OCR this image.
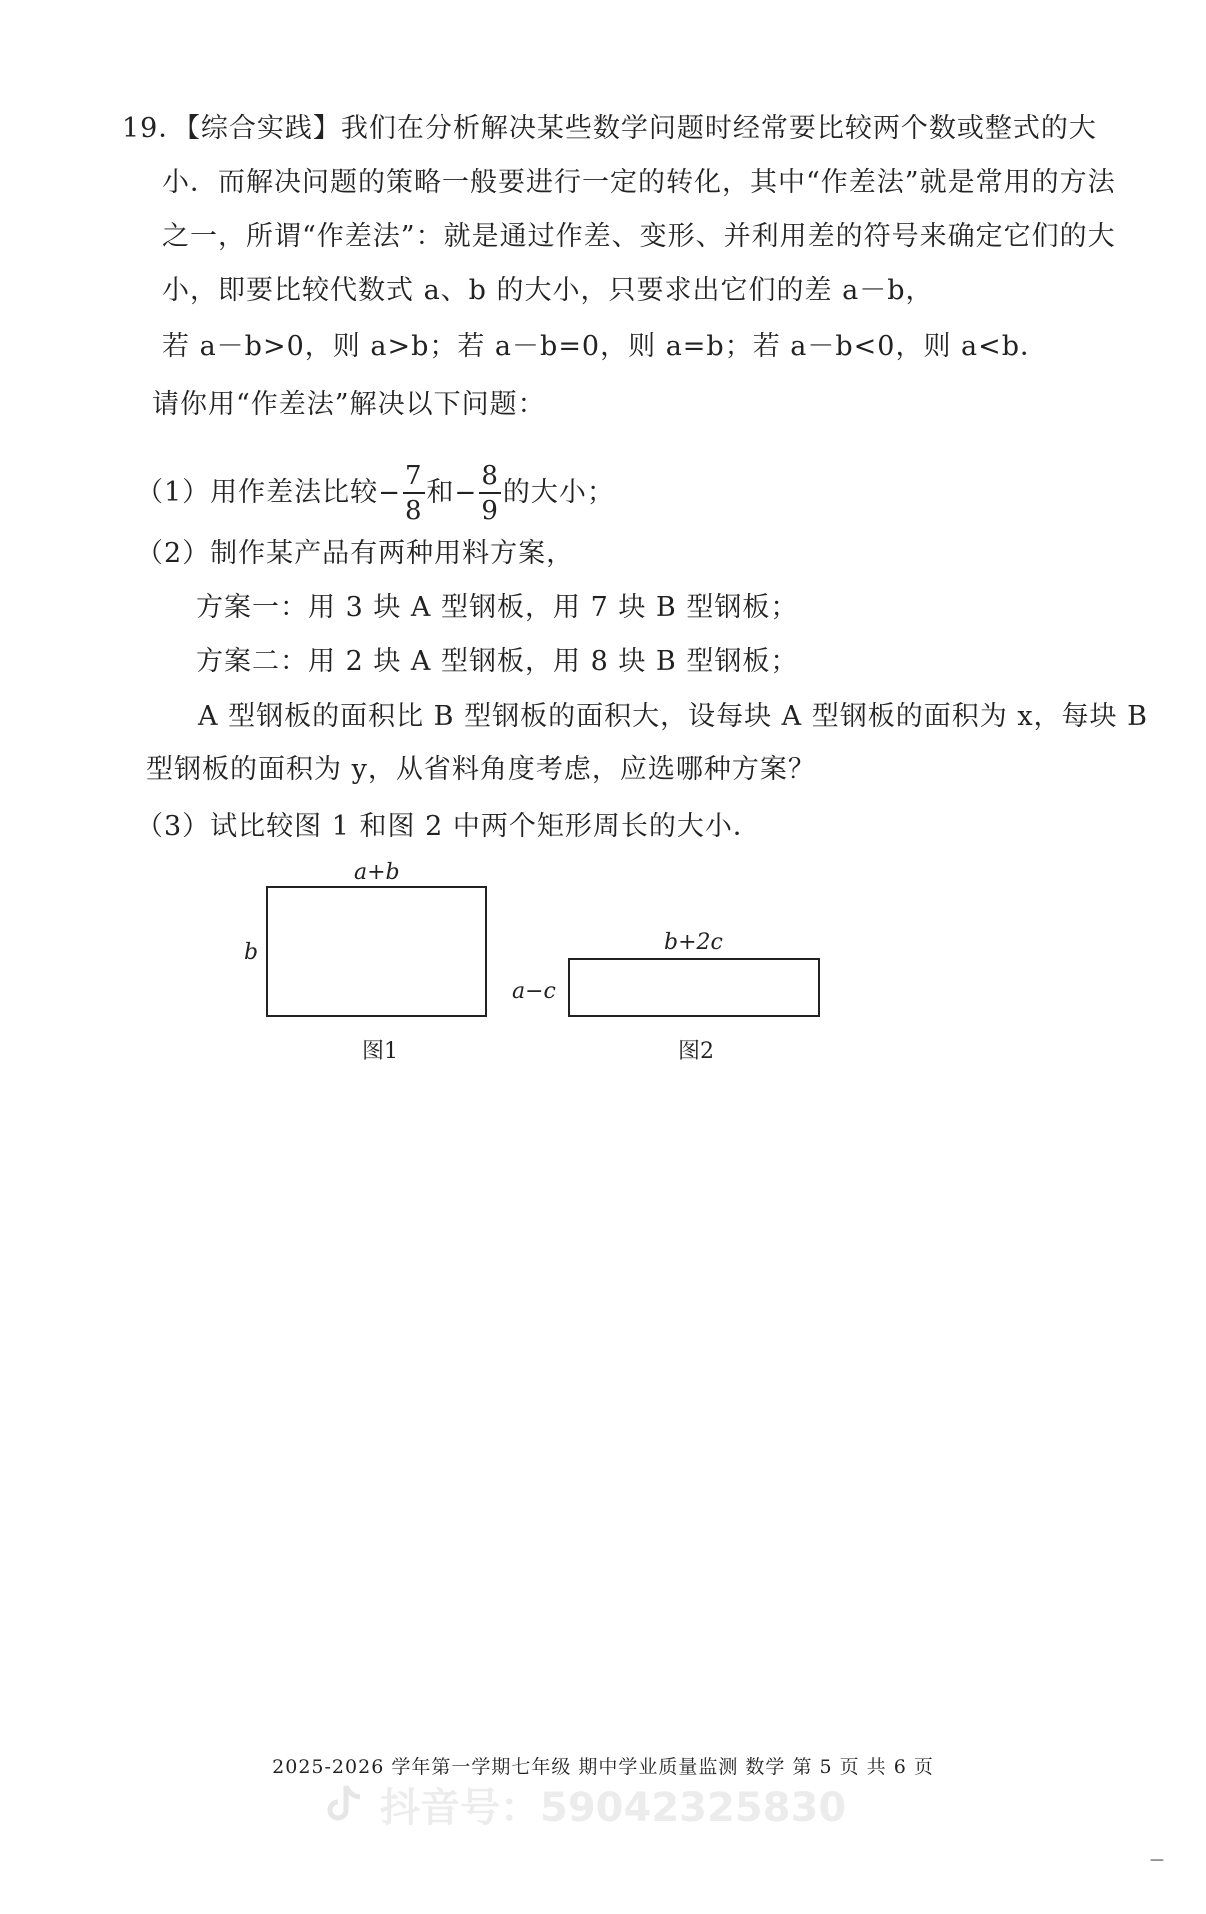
19．【综合实践】我们在分析解决某些数学问题时经常要比较两个数或整式的大
小．而解决问题的策略一般要进行一定的转化，其中“作差法”就是常用的方法
之一，所谓“作差法”：就是通过作差、变形、并利用差的符号来确定它们的大
小，即要比较代数式 a、b 的大小，只要求出它们的差 a－b，
若 a－b>0，则 a>b；若 a－b=0，则 a=b；若 a－b<0，则 a<b．
请你用“作差法”解决以下问题：
（1）用作差法比较− $\frac{7}{8}$ 和− $\frac{8}{9}$ 的大小；
（2）制作某产品有两种用料方案，
方案一：用 3 块 A 型钢板，用 7 块 B 型钢板；
方案二：用 2 块 A 型钢板，用 8 块 B 型钢板；
A 型钢板的面积比 B 型钢板的面积大，设每块 A 型钢板的面积为 x，每块 B
型钢板的面积为 y，从省料角度考虑，应选哪种方案？
（3）试比较图 1 和图 2 中两个矩形周长的大小．
a+b
b
图1
b+2c
a−c
图2
2025-2026 学年第一学期七年级 期中学业质量监测 数学 第 5 页 共 6 页
抖音号：59042325830
—
